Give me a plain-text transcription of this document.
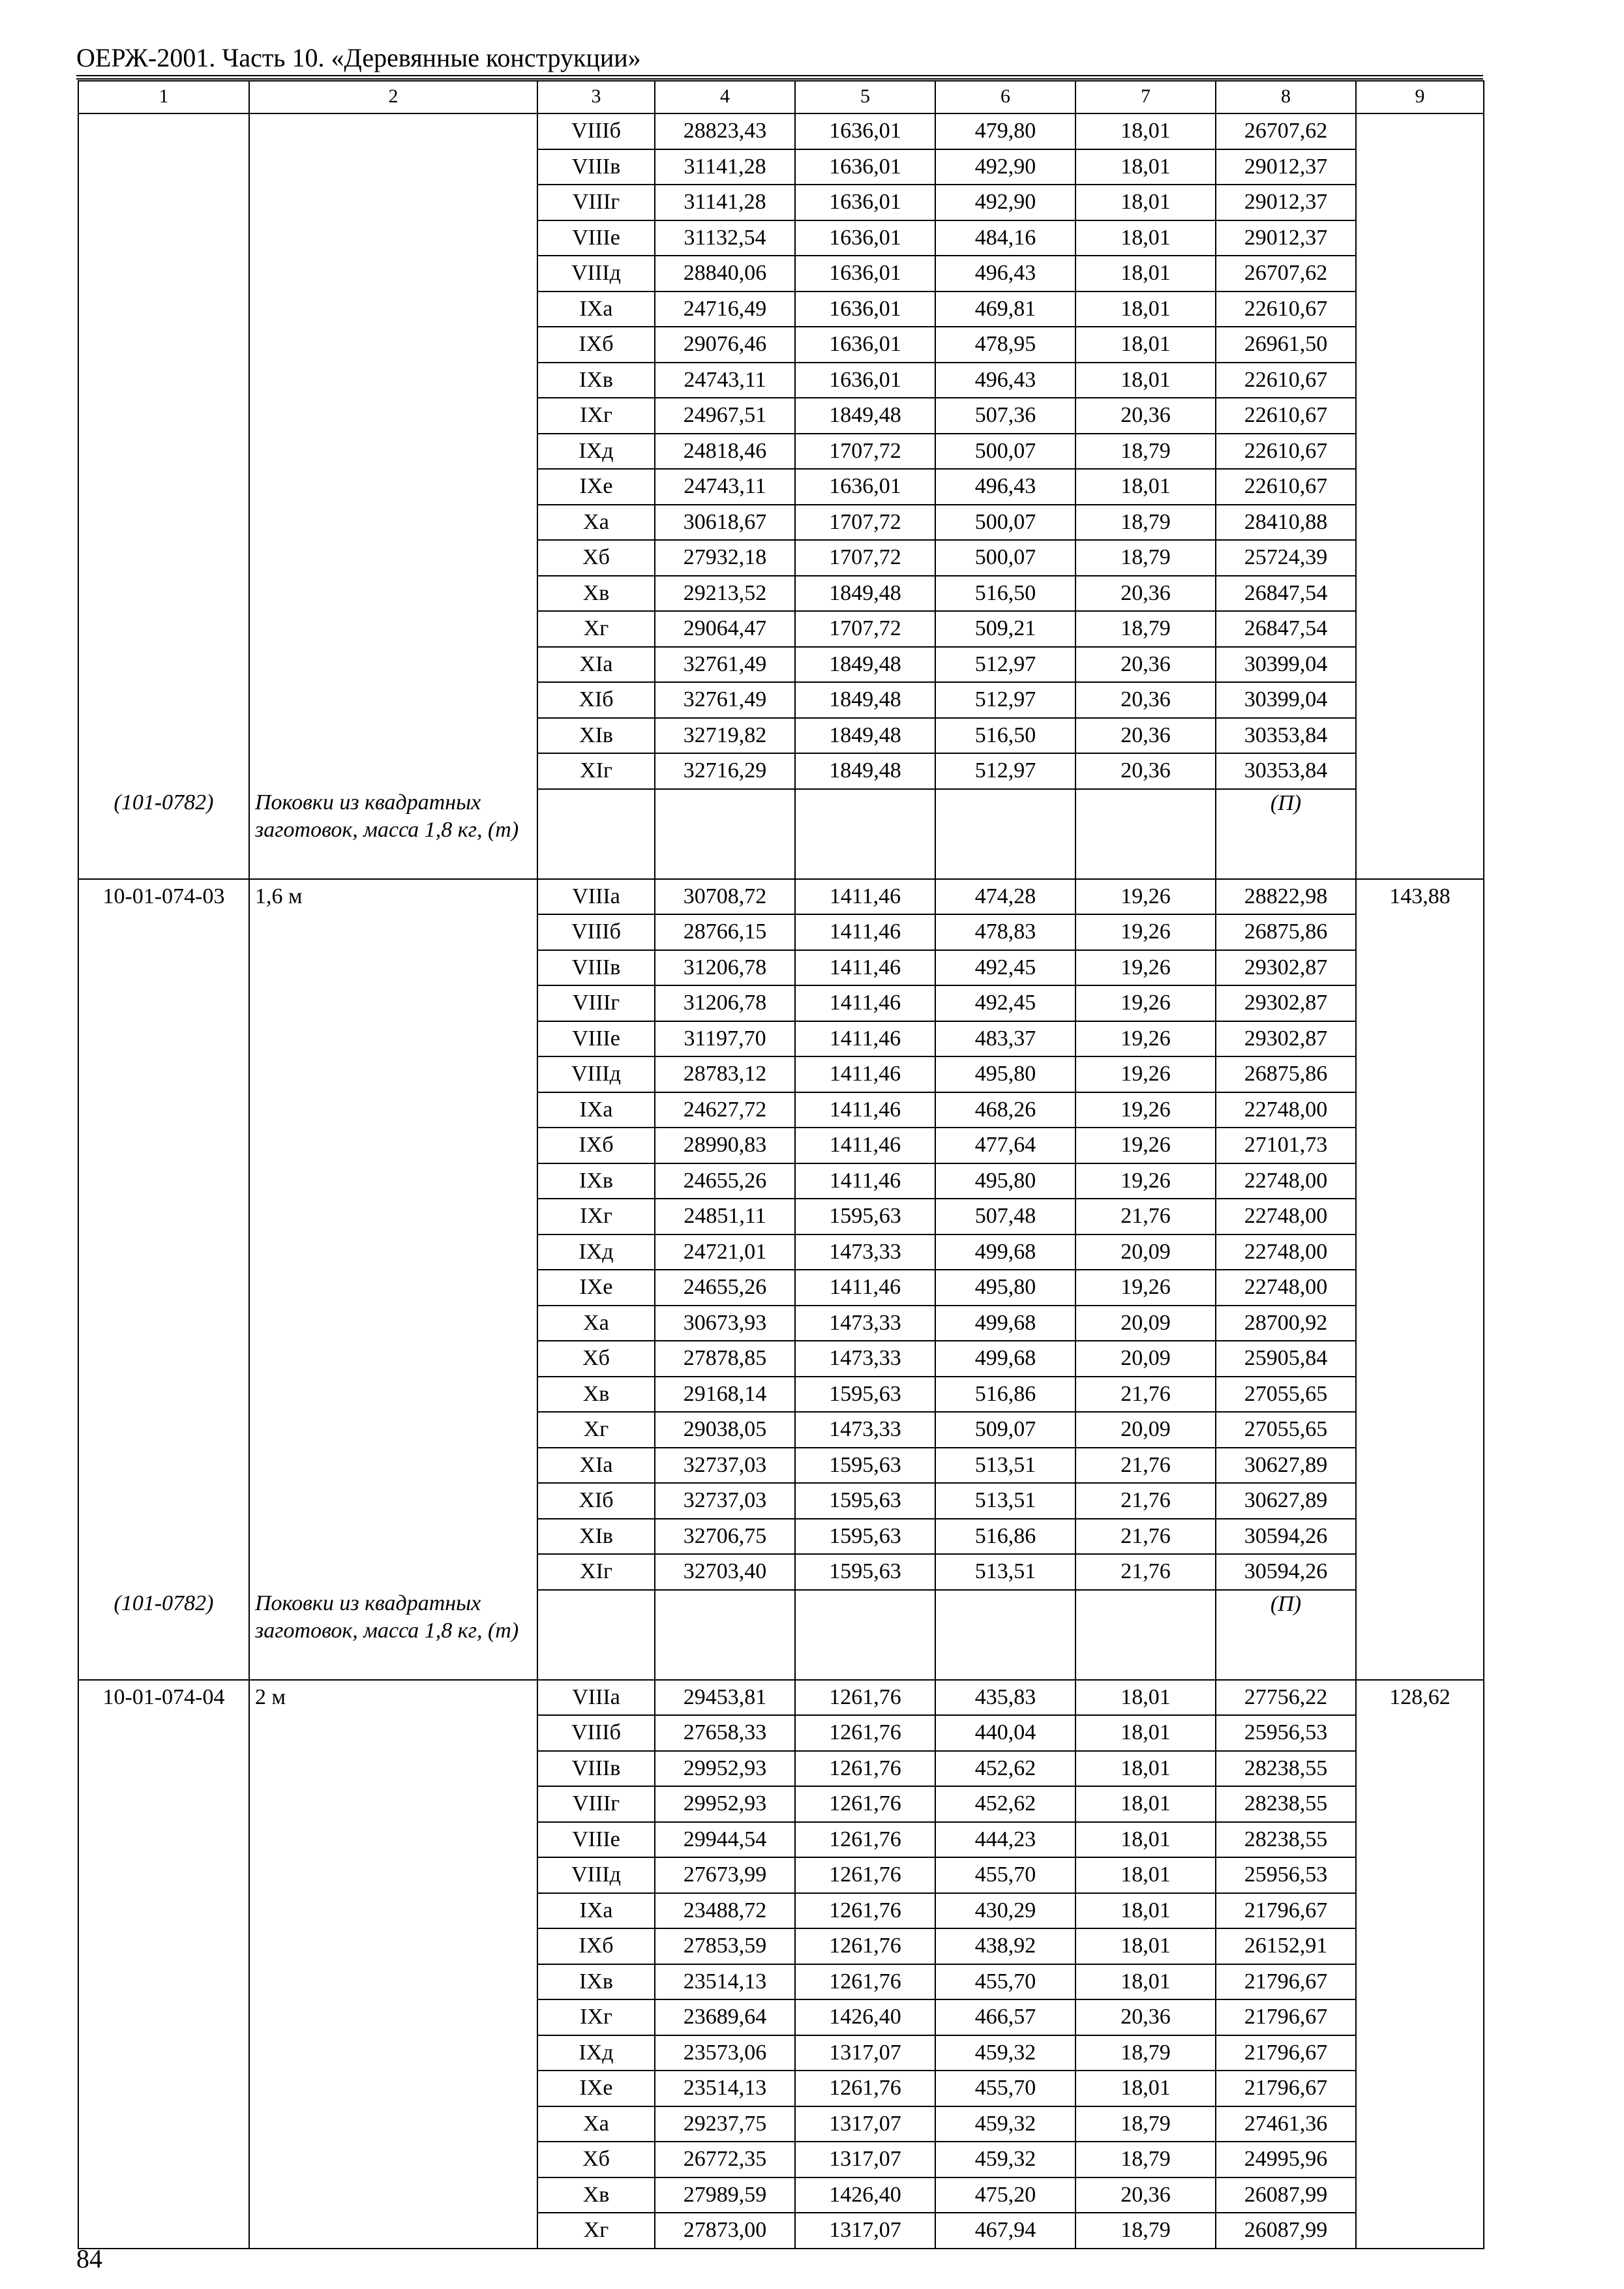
ОЕРЖ-2001. Часть 10. «Деревянные конструкции»
1	2	3	4	5	6	7	8	9
		VIIIб	28823,43	1636,01	479,80	18,01	26707,62	
		VIIIв	31141,28	1636,01	492,90	18,01	29012,37	
		VIIIг	31141,28	1636,01	492,90	18,01	29012,37	
		VIIIе	31132,54	1636,01	484,16	18,01	29012,37	
		VIIIд	28840,06	1636,01	496,43	18,01	26707,62	
		IXа	24716,49	1636,01	469,81	18,01	22610,67	
		IXб	29076,46	1636,01	478,95	18,01	26961,50	
		IXв	24743,11	1636,01	496,43	18,01	22610,67	
		IXг	24967,51	1849,48	507,36	20,36	22610,67	
		IXд	24818,46	1707,72	500,07	18,79	22610,67	
		IXе	24743,11	1636,01	496,43	18,01	22610,67	
		Xа	30618,67	1707,72	500,07	18,79	28410,88	
		Xб	27932,18	1707,72	500,07	18,79	25724,39	
		Xв	29213,52	1849,48	516,50	20,36	26847,54	
		Xг	29064,47	1707,72	509,21	18,79	26847,54	
		XIа	32761,49	1849,48	512,97	20,36	30399,04	
		XIб	32761,49	1849,48	512,97	20,36	30399,04	
		XIв	32719,82	1849,48	516,50	20,36	30353,84	
		XIг	32716,29	1849,48	512,97	20,36	30353,84	
(101-0782)	Поковки из квадратных заготовок, масса 1,8 кг, (т)						(П)	
10-01-074-03	1,6 м	VIIIа	30708,72	1411,46	474,28	19,26	28822,98	143,88
		VIIIб	28766,15	1411,46	478,83	19,26	26875,86	
		VIIIв	31206,78	1411,46	492,45	19,26	29302,87	
		VIIIг	31206,78	1411,46	492,45	19,26	29302,87	
		VIIIе	31197,70	1411,46	483,37	19,26	29302,87	
		VIIIд	28783,12	1411,46	495,80	19,26	26875,86	
		IXа	24627,72	1411,46	468,26	19,26	22748,00	
		IXб	28990,83	1411,46	477,64	19,26	27101,73	
		IXв	24655,26	1411,46	495,80	19,26	22748,00	
		IXг	24851,11	1595,63	507,48	21,76	22748,00	
		IXд	24721,01	1473,33	499,68	20,09	22748,00	
		IXе	24655,26	1411,46	495,80	19,26	22748,00	
		Xа	30673,93	1473,33	499,68	20,09	28700,92	
		Xб	27878,85	1473,33	499,68	20,09	25905,84	
		Xв	29168,14	1595,63	516,86	21,76	27055,65	
		Xг	29038,05	1473,33	509,07	20,09	27055,65	
		XIа	32737,03	1595,63	513,51	21,76	30627,89	
		XIб	32737,03	1595,63	513,51	21,76	30627,89	
		XIв	32706,75	1595,63	516,86	21,76	30594,26	
		XIг	32703,40	1595,63	513,51	21,76	30594,26	
(101-0782)	Поковки из квадратных заготовок, масса 1,8 кг, (т)						(П)	
10-01-074-04	2 м	VIIIа	29453,81	1261,76	435,83	18,01	27756,22	128,62
		VIIIб	27658,33	1261,76	440,04	18,01	25956,53	
		VIIIв	29952,93	1261,76	452,62	18,01	28238,55	
		VIIIг	29952,93	1261,76	452,62	18,01	28238,55	
		VIIIе	29944,54	1261,76	444,23	18,01	28238,55	
		VIIIд	27673,99	1261,76	455,70	18,01	25956,53	
		IXа	23488,72	1261,76	430,29	18,01	21796,67	
		IXб	27853,59	1261,76	438,92	18,01	26152,91	
		IXв	23514,13	1261,76	455,70	18,01	21796,67	
		IXг	23689,64	1426,40	466,57	20,36	21796,67	
		IXд	23573,06	1317,07	459,32	18,79	21796,67	
		IXе	23514,13	1261,76	455,70	18,01	21796,67	
		Xа	29237,75	1317,07	459,32	18,79	27461,36	
		Xб	26772,35	1317,07	459,32	18,79	24995,96	
		Xв	27989,59	1426,40	475,20	20,36	26087,99	
		Xг	27873,00	1317,07	467,94	18,79	26087,99	
84
